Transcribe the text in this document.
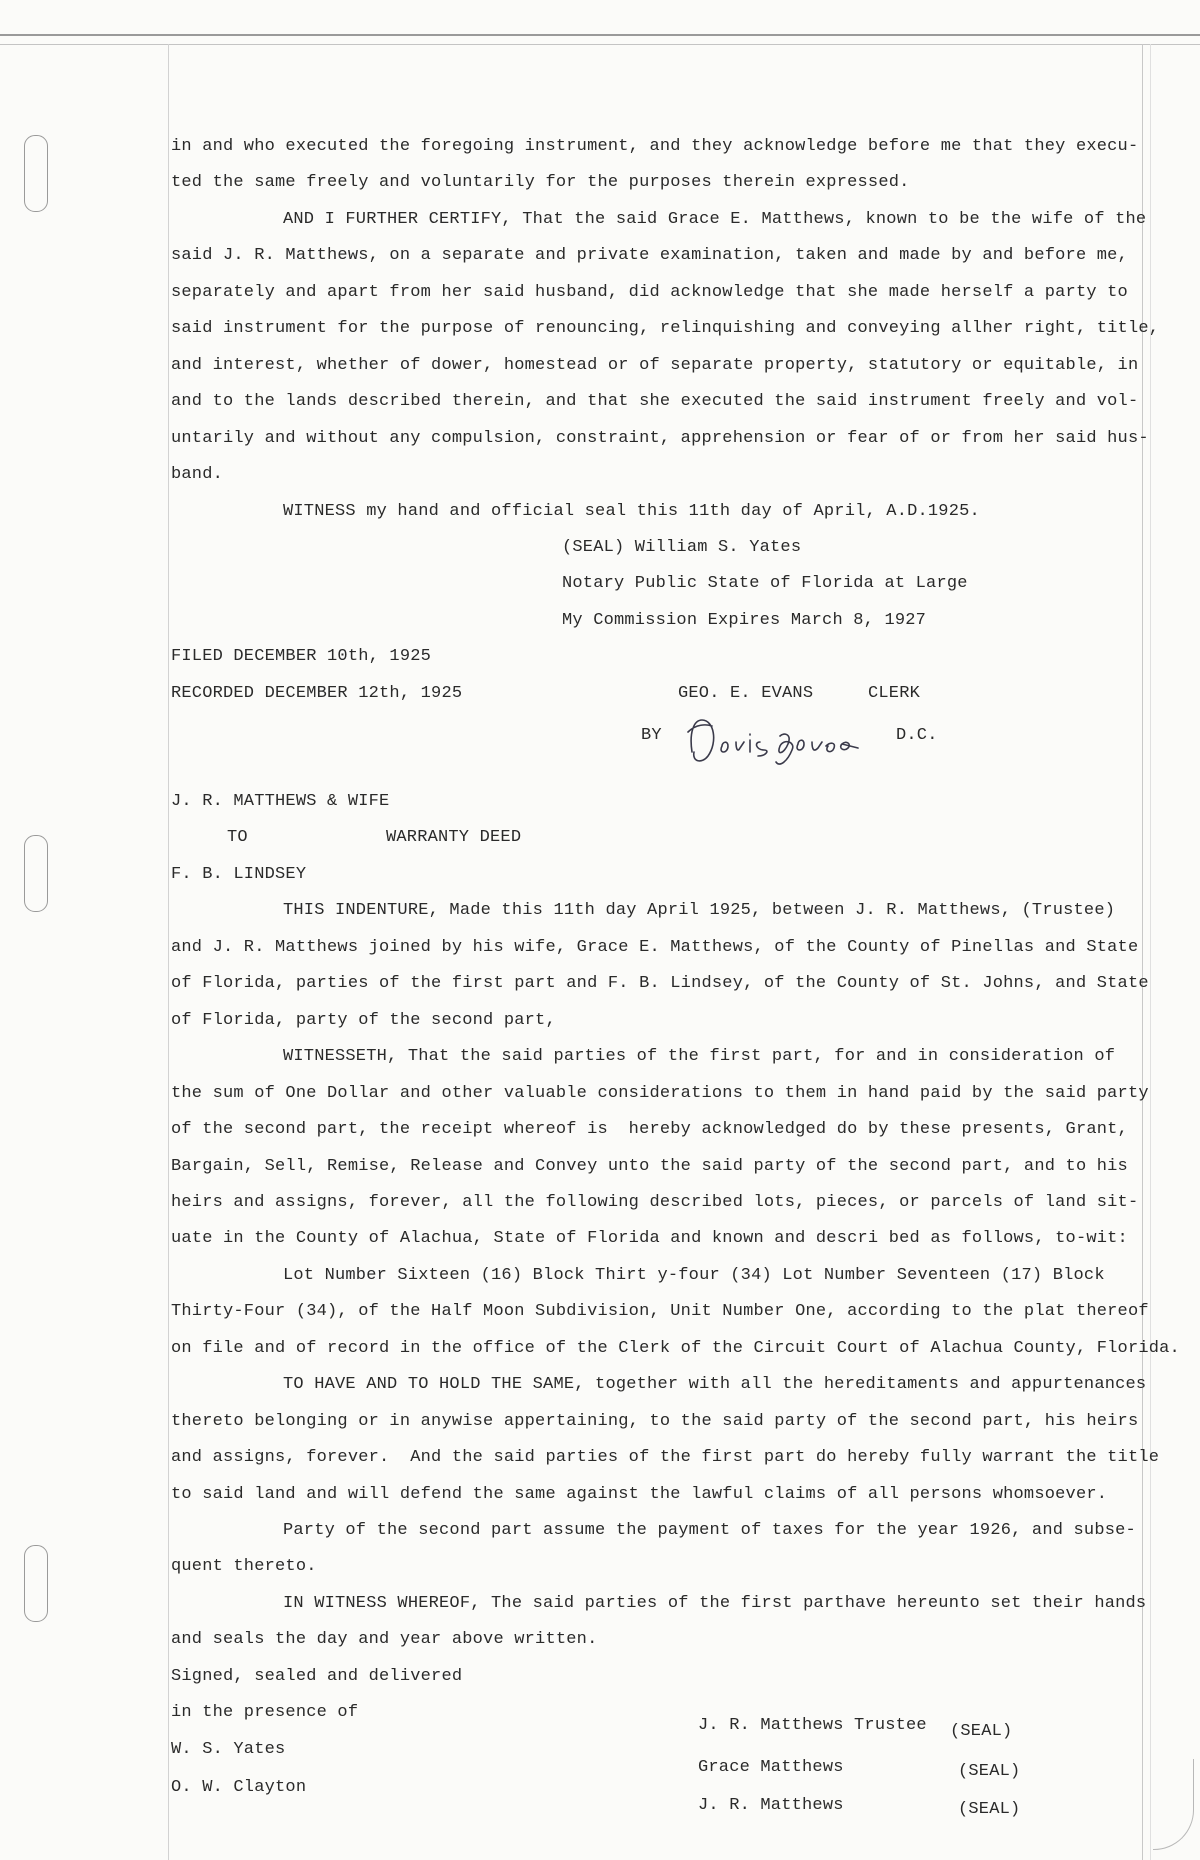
in and who executed the foregoing instrument, and they acknowledge before me that they execu-
ted the same freely and voluntarily for the purposes therein expressed.
AND I FURTHER CERTIFY, That the said Grace E. Matthews, known to be the wife of the
said J. R. Matthews, on a separate and private examination, taken and made by and before me,
separately and apart from her said husband, did acknowledge that she made herself a party to
said instrument for the purpose of renouncing, relinquishing and conveying allher right, title,
and interest, whether of dower, homestead or of separate property, statutory or equitable, in
and to the lands described therein, and that she executed the said instrument freely and vol-
untarily and without any compulsion, constraint, apprehension or fear of or from her said hus-
band.
WITNESS my hand and official seal this 11th day of April, A.D.1925.
(SEAL) William S. Yates
Notary Public State of Florida at Large
My Commission Expires March 8, 1927
FILED DECEMBER 10th, 1925
RECORDED DECEMBER 12th, 1925	GEO. E. EVANS	CLERK
BY	D.C.
J. R. MATTHEWS & WIFE
TO	WARRANTY DEED
F. B. LINDSEY
THIS INDENTURE, Made this 11th day April 1925, between J. R. Matthews, (Trustee)
and J. R. Matthews joined by his wife, Grace E. Matthews, of the County of Pinellas and State
of Florida, parties of the first part and F. B. Lindsey, of the County of St. Johns, and State
of Florida, party of the second part,
WITNESSETH, That the said parties of the first part, for and in consideration of
the sum of One Dollar and other valuable considerations to them in hand paid by the said party
of the second part, the receipt whereof is  hereby acknowledged do by these presents, Grant,
Bargain, Sell, Remise, Release and Convey unto the said party of the second part, and to his
heirs and assigns, forever, all the following described lots, pieces, or parcels of land sit-
uate in the County of Alachua, State of Florida and known and descri bed as follows, to-wit:
Lot Number Sixteen (16) Block Thirt y-four (34) Lot Number Seventeen (17) Block
Thirty-Four (34), of the Half Moon Subdivision, Unit Number One, according to the plat thereof
on file and of record in the office of the Clerk of the Circuit Court of Alachua County, Florida.
TO HAVE AND TO HOLD THE SAME, together with all the hereditaments and appurtenances
thereto belonging or in anywise appertaining, to the said party of the second part, his heirs
and assigns, forever.  And the said parties of the first part do hereby fully warrant the title
to said land and will defend the same against the lawful claims of all persons whomsoever.
Party of the second part assume the payment of taxes for the year 1926, and subse-
quent thereto.
IN WITNESS WHEREOF, The said parties of the first parthave hereunto set their hands
and seals the day and year above written.
Signed, sealed and delivered
in the presence of
W. S. Yates
O. W. Clayton
J. R. Matthews Trustee (SEAL)
Grace Matthews	(SEAL)
J. R. Matthews	(SEAL)
